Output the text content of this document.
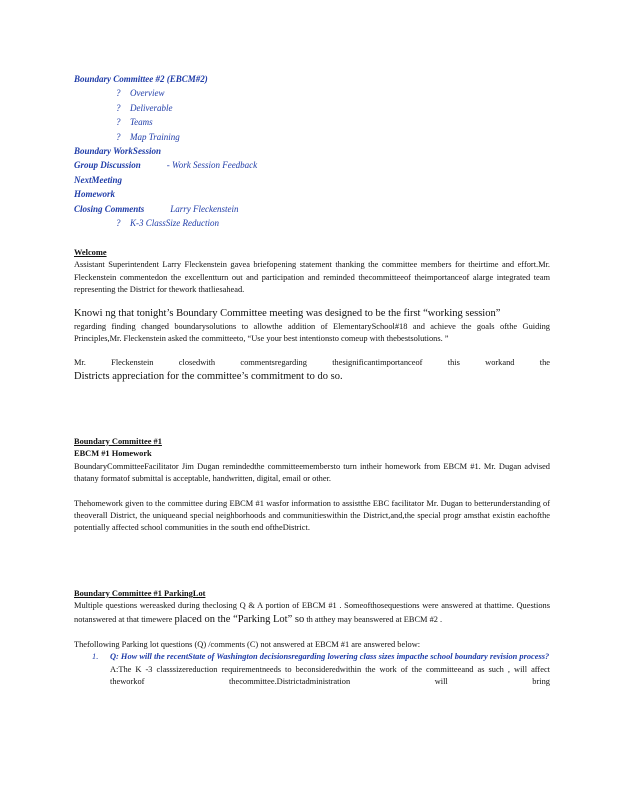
Boundary Committee #2 (EBCM#2)
? Overview
? Deliverable
? Teams
? Map Training
Boundary WorkSession
Group Discussion	- Work Session Feedback
NextMeeting
Homework
Closing Comments	Larry Fleckenstein
? K-3 ClassSize Reduction
Welcome

Assistant Superintendent Larry Fleckenstein gavea briefopening statement thanking the committee members for theirtime and effort.Mr. Fleckenstein commentedon the excellentturn out and participation and reminded thecommitteeof theimportanceof alarge integrated team representing the District for thework thatliesahead.

Knowi ng that tonight’s Boundary Committee meeting was designed to be the first “working session”

regarding finding changed boundarysolutions to allowthe addition of ElementarySchool#18 and achieve the goals ofthe Guiding Principles,Mr. Fleckenstein asked the committeeto, “Use your best intentionsto comeup with thebestsolutions. ”

Mr. Fleckenstein closedwith commentsregarding thesignificantimportanceof this workand the

Districts appreciation for the committee’s commitment to do so.
Boundary Committee #1
EBCM #1 Homework

BoundaryCommitteeFacilitator Jim Dugan remindedthe committeemembersto turn intheir homework from EBCM #1. Mr. Dugan advised thatany formatof submittal is acceptable, handwritten, digital, email or other.

Thehomework given to the committee during EBCM #1 wasfor information to assistthe EBC facilitator Mr. Dugan to betterunderstanding of theoverall District, the uniqueand special neighborhoods and communitieswithin the District,and,the special progr amsthat existin eachofthe potentially affected school communities in the south end oftheDistrict.

Boundary Committee #1 ParkingLot
Multiple questions wereasked during theclosing Q & A portion of EBCM #1 . Someofthosequestions were answered at thattime. Questions notanswered at that timewere placed on the “Parking Lot” so th atthey may beanswered at EBCM #2 .

Thefollowing Parking lot questions (Q) /comments (C) not answered at EBCM #1 are answered below:

1. Q: How will the recentState of Washington decisionsregarding lowering class sizes impacthe school boundary revision process?
A:The K -3 classsizereduction requirementneeds to beconsideredwithin the work of the committeeand as such , will affect theworkof thecommittee.Districtadministration will bring
